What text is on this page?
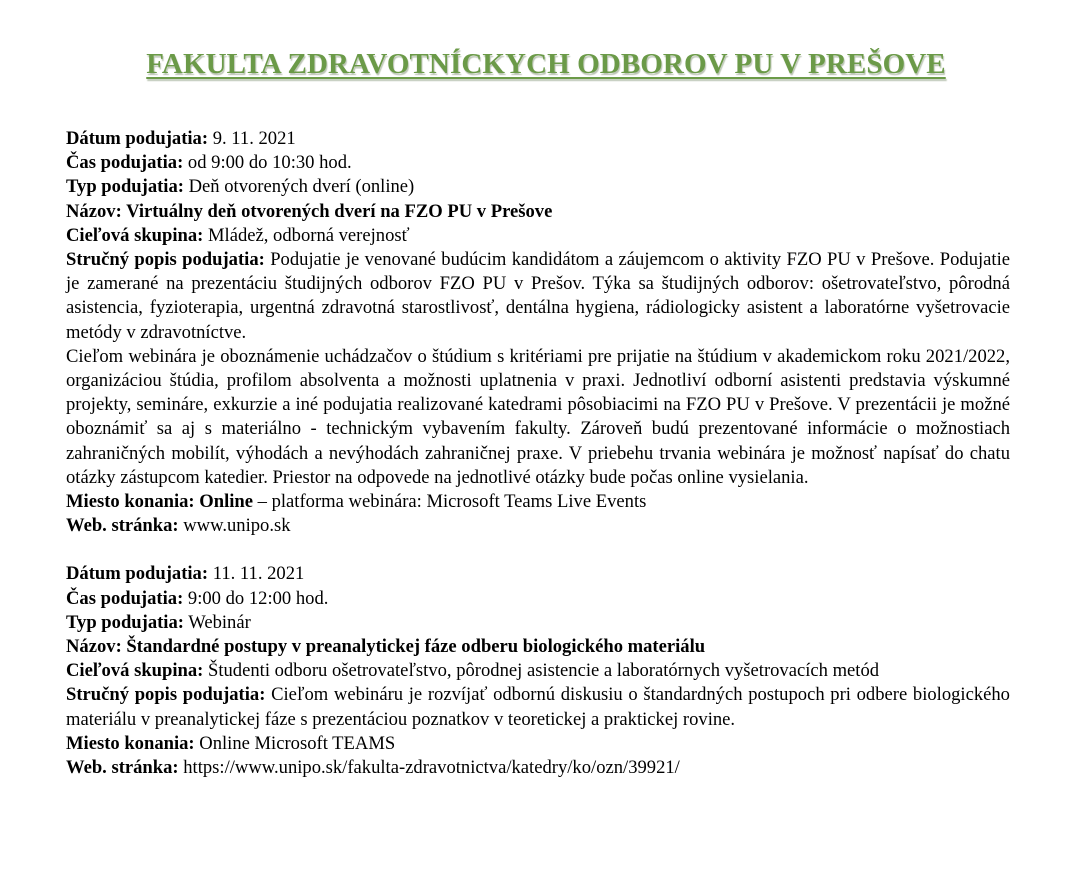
FAKULTA ZDRAVOTNÍCKYCH ODBOROV PU V PREŠOVE

Dátum podujatia: 9. 11. 2021

Čas podujatia: od 9:00 do 10:30 hod.

Typ podujatia: Deň otvorených dverí (online)

Názov: Virtuálny deň otvorených dverí na FZO PU v Prešove

Cieľová skupina: Mládež, odborná verejnosť

Stručný popis podujatia: Podujatie je venované budúcim kandidátom a záujemcom o aktivity FZO PU v Prešove. Podujatie je zamerané na prezentáciu študijných odborov FZO PU v Prešov. Týka sa študijných odborov: ošetrovateľstvo, pôrodná asistencia, fyzioterapia, urgentná zdravotná starostlivosť, dentálna hygiena, rádiologicky asistent a laboratórne vyšetrovacie metódy v zdravotníctve.

Cieľom webinára je oboznámenie uchádzačov o štúdium s kritériami pre prijatie na štúdium v akademickom roku 2021/2022, organizáciou štúdia, profilom absolventa a možnosti uplatnenia v praxi. Jednotliví odborní asistenti predstavia výskumné projekty, semináre, exkurzie a iné podujatia realizované katedrami pôsobiacimi na FZO PU v Prešove. V prezentácii je možné oboznámiť sa aj s materiálno - technickým vybavením fakulty. Zároveň budú prezentované informácie o možnostiach zahraničných mobilít, výhodách a nevýhodách zahraničnej praxe. V priebehu trvania webinára je možnosť napísať do chatu otázky zástupcom katedier. Priestor na odpovede na jednotlivé otázky bude počas online vysielania.

Miesto konania: Online – platforma webinára: Microsoft Teams Live Events

Web. stránka: www.unipo.sk

Dátum podujatia: 11. 11. 2021

Čas podujatia: 9:00 do 12:00 hod.

Typ podujatia: Webinár

Názov: Štandardné postupy v preanalytickej fáze odberu biologického materiálu

Cieľová skupina: Študenti odboru ošetrovateľstvo, pôrodnej asistencie a laboratórnych vyšetrovacích metód

Stručný popis podujatia: Cieľom webináru je rozvíjať odbornú diskusiu o štandardných postupoch pri odbere biologického materiálu v preanalytickej fáze s prezentáciou poznatkov v teoretickej a praktickej rovine.

Miesto konania: Online Microsoft TEAMS

Web. stránka: https://www.unipo.sk/fakulta-zdravotnictva/katedry/ko/ozn/39921/
